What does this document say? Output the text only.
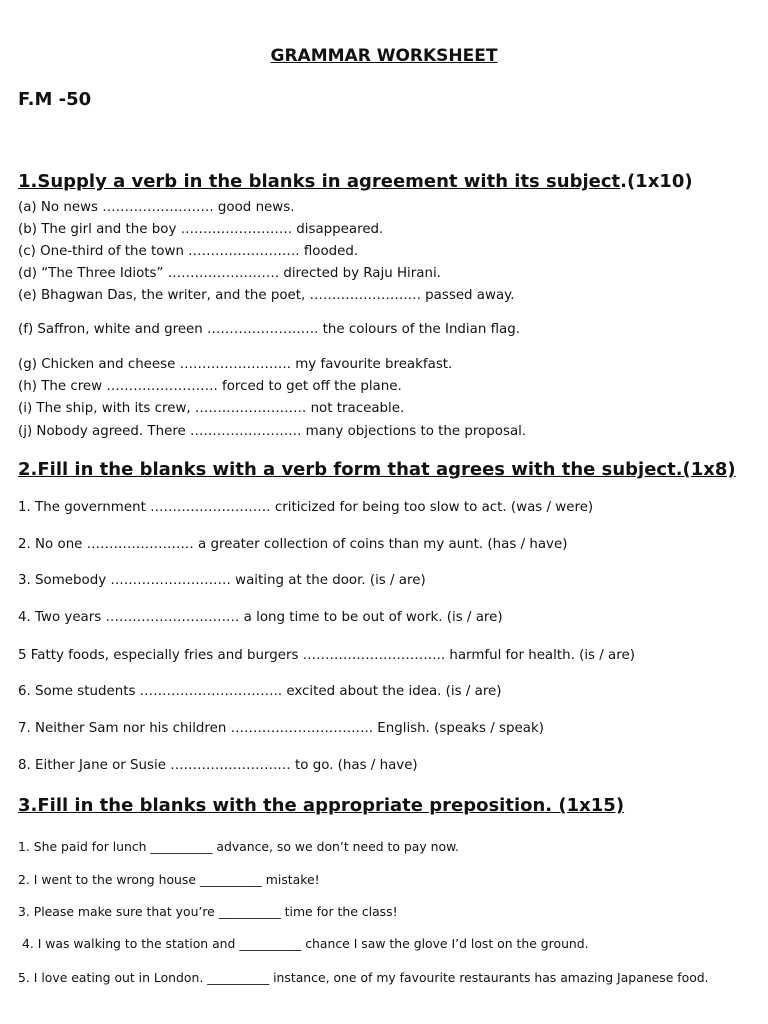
GRAMMAR WORKSHEET
F.M -50
1.Supply a verb in the blanks in agreement with its subject.(1x10)
(a) No news ……………………. good news.
(b) The girl and the boy ……………………. disappeared.
(c) One-third of the town ……………………. flooded.
(d) “The Three Idiots” ……………………. directed by Raju Hirani.
(e) Bhagwan Das, the writer, and the poet, ……………………. passed away.
(f) Saffron, white and green ……………………. the colours of the Indian flag.
(g) Chicken and cheese ……………………. my favourite breakfast.
(h) The crew ……………………. forced to get off the plane.
(i) The ship, with its crew, ……………………. not traceable.
(j) Nobody agreed. There ……………………. many objections to the proposal.
2.Fill in the blanks with a verb form that agrees with the subject.(1x8)
1. The government ……………………… criticized for being too slow to act. (was / were)
2. No one …………………… a greater collection of coins than my aunt. (has / have)
3. Somebody ……………………… waiting at the door. (is / are)
4. Two years ………………………… a long time to be out of work. (is / are)
5 Fatty foods, especially fries and burgers ………………………….. harmful for health. (is / are)
6. Some students ………………………….. excited about the idea. (is / are)
7. Neither Sam nor his children ………………………….. English. (speaks / speak)
8. Either Jane or Susie ……………………… to go. (has / have)
3.Fill in the blanks with the appropriate preposition. (1x15)
1. She paid for lunch __________ advance, so we don’t need to pay now.
2. I went to the wrong house __________ mistake!
3. Please make sure that you’re __________ time for the class!
4. I was walking to the station and __________ chance I saw the glove I’d lost on the ground.
5. I love eating out in London. __________ instance, one of my favourite restaurants has amazing Japanese food.
